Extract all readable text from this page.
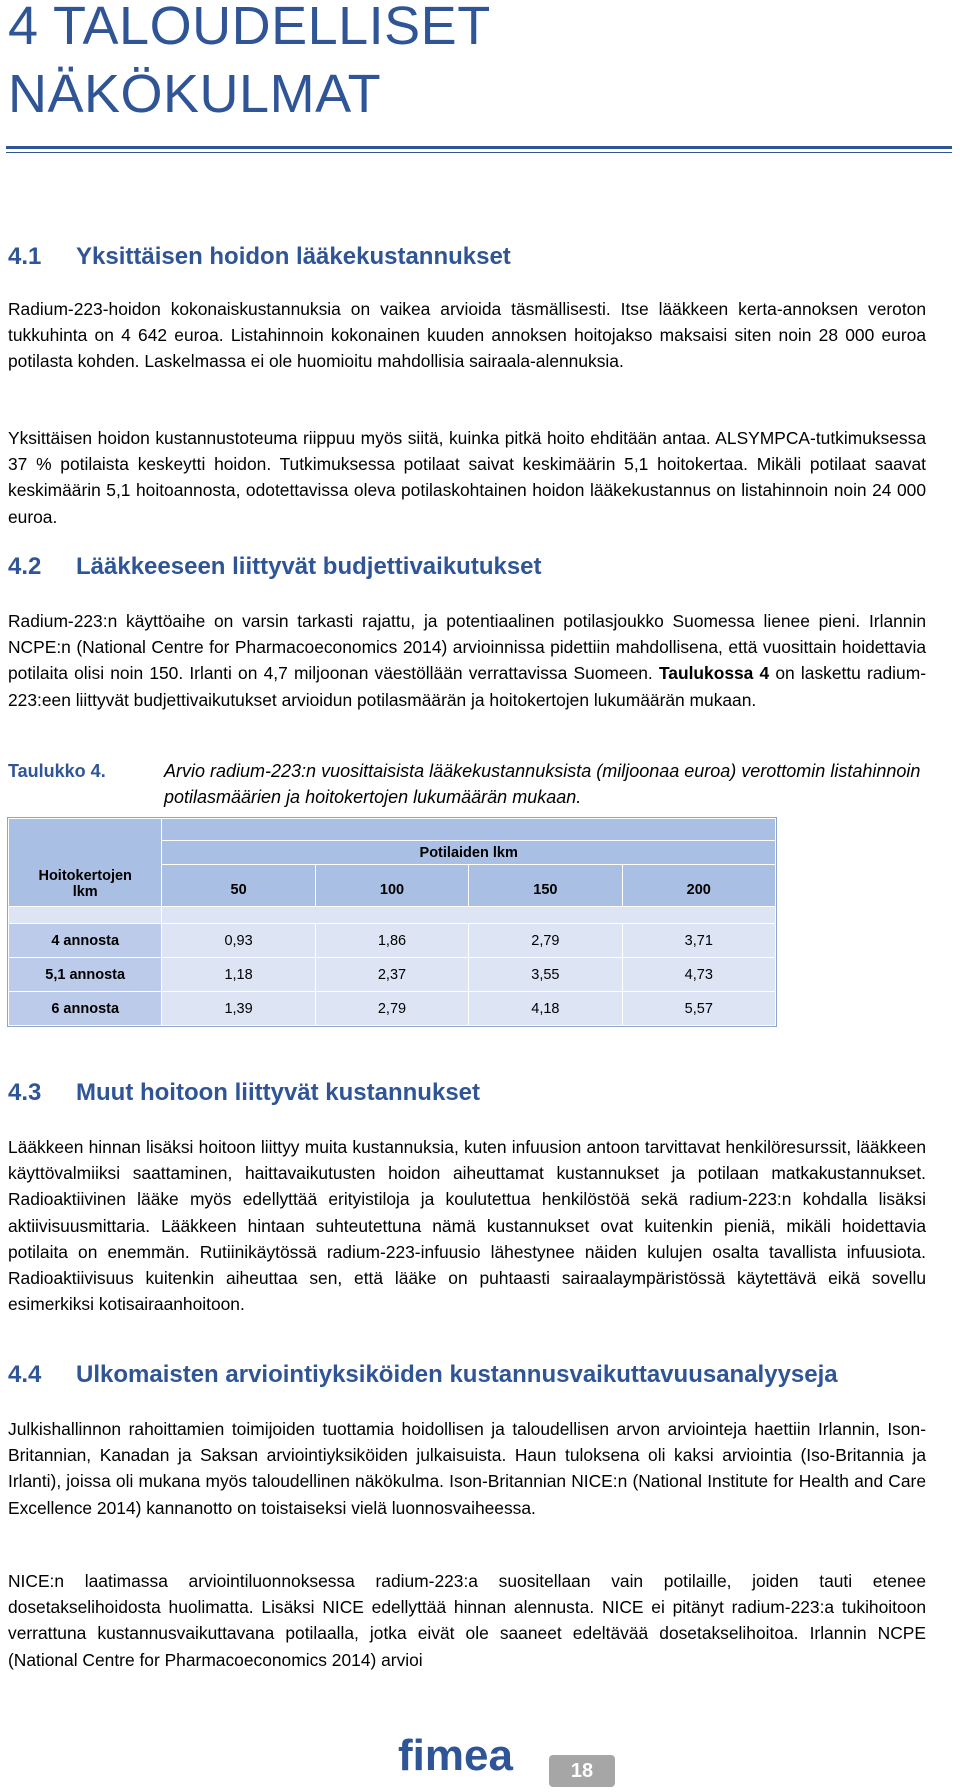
4 TALOUDELLISET
NÄKÖKULMAT
4.1 Yksittäisen hoidon lääkekustannukset

Radium-223-hoidon kokonaiskustannuksia on vaikea arvioida täsmällisesti. Itse lääkkeen kerta-annoksen veroton tukkuhinta on 4 642 euroa. Listahinnoin kokonainen kuuden annoksen hoitojakso maksaisi siten noin 28 000 euroa potilasta kohden. Laskelmassa ei ole huomioitu mahdollisia sairaala-alennuksia.

Yksittäisen hoidon kustannustoteuma riippuu myös siitä, kuinka pitkä hoito ehditään antaa. ALSYMPCA-tutkimuksessa 37 % potilaista keskeytti hoidon. Tutkimuksessa potilaat saivat keskimäärin 5,1 hoitokertaa. Mikäli potilaat saavat keskimäärin 5,1 hoitoannosta, odotettavissa oleva potilaskohtainen hoidon lääkekustannus on listahinnoin noin 24 000 euroa.

4.2 Lääkkeeseen liittyvät budjettivaikutukset

Radium-223:n käyttöaihe on varsin tarkasti rajattu, ja potentiaalinen potilasjoukko Suomessa lienee pieni. Irlannin NCPE:n (National Centre for Pharmacoeconomics 2014) arvioinnissa pidettiin mahdollisena, että vuosittain hoidettavia potilaita olisi noin 150. Irlanti on 4,7 miljoonan väestöllään verrattavissa Suomeen. Taulukossa 4 on laskettu radium-223:een liittyvät budjettivaikutukset arvioidun potilasmäärän ja hoitokertojen lukumäärän mukaan.

Taulukko 4.	Arvio radium-223:n vuosittaisista lääkekustannuksista (miljoonaa euroa) verottomin listahinnoin potilasmäärien ja hoitokertojen lukumäärän mukaan.

Hoitokertojen
lkm				
	Potilaiden lkm			
	50	100	150	200

4 annosta	0,93	1,86	2,79	3,71
5,1 annosta	1,18	2,37	3,55	4,73
6 annosta	1,39	2,79	4,18	5,57
4.3 Muut hoitoon liittyvät kustannukset

Lääkkeen hinnan lisäksi hoitoon liittyy muita kustannuksia, kuten infuusion antoon tarvittavat henkilöresurssit, lääkkeen käyttövalmiiksi saattaminen, haittavaikutusten hoidon aiheuttamat kustannukset ja potilaan matkakustannukset. Radioaktiivinen lääke myös edellyttää erityistiloja ja koulutettua henkilöstöä sekä radium-223:n kohdalla lisäksi aktiivisuusmittaria. Lääkkeen hintaan suhteutettuna nämä kustannukset ovat kuitenkin pieniä, mikäli hoidettavia potilaita on enemmän. Rutiinikäytössä radium-223-infuusio lähestynee näiden kulujen osalta tavallista infuusiota. Radioaktiivisuus kuitenkin aiheuttaa sen, että lääke on puhtaasti sairaalaympäristössä käytettävä eikä sovellu esimerkiksi kotisairaanhoitoon.

4.4 Ulkomaisten arviointiyksiköiden kustannusvaikuttavuusanalyyseja

Julkishallinnon rahoittamien toimijoiden tuottamia hoidollisen ja taloudellisen arvon arviointeja haettiin Irlannin, Ison-Britannian, Kanadan ja Saksan arviointiyksiköiden julkaisuista. Haun tuloksena oli kaksi arviointia (Iso-Britannia ja Irlanti), joissa oli mukana myös taloudellinen näkökulma. Ison-Britannian NICE:n (National Institute for Health and Care Excellence 2014) kannanotto on toistaiseksi vielä luonnosvaiheessa.

NICE:n laatimassa arviointiluonnoksessa radium-223:a suositellaan vain potilaille, joiden tauti etenee dosetakselihoidosta huolimatta. Lisäksi NICE edellyttää hinnan alennusta. NICE ei pitänyt radium-223:a tukihoitoon verrattuna kustannusvaikuttavana potilaalla, jotka eivät ole saaneet edeltävää dosetakselihoitoa. Irlannin NCPE (National Centre for Pharmacoeconomics 2014) arvioi

fimea	18
